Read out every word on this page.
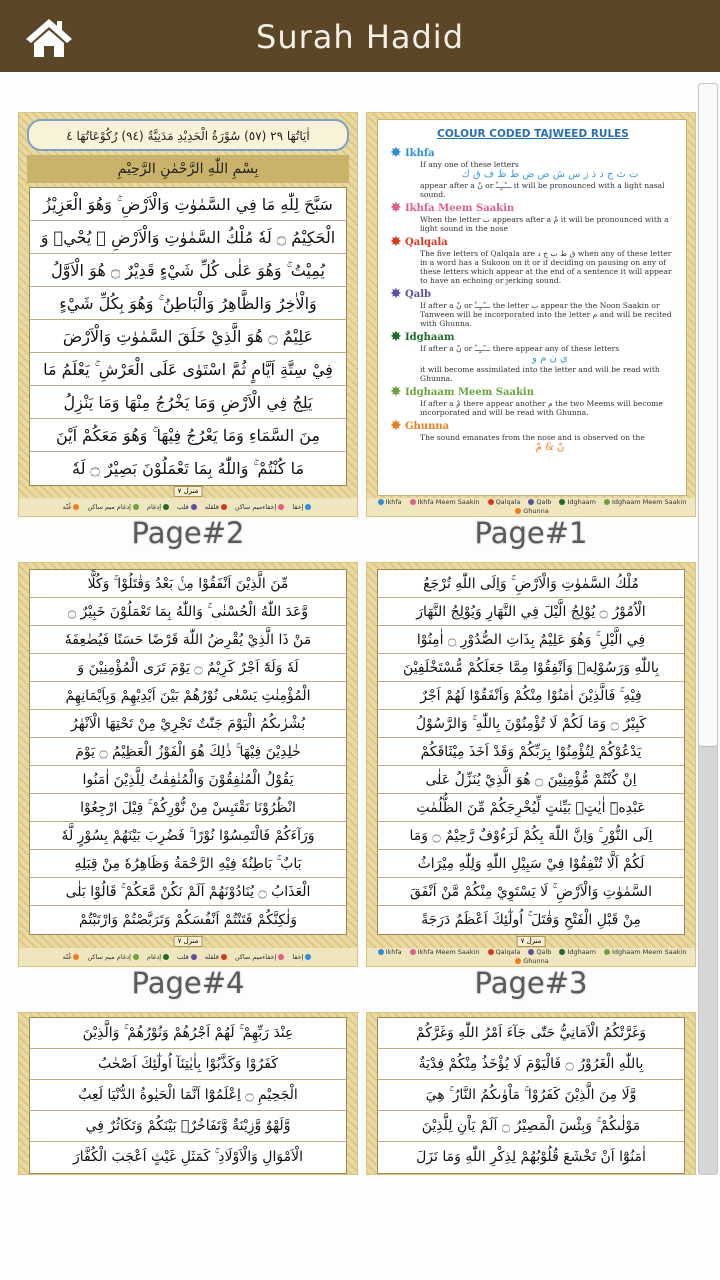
Surah Hadid
اٰيَاتُهَا ٢٩ (٥٧) سُوْرَةُ الْحَدِيْدِ مَدَنِيَّةٌ (٩٤) رُكُوْعَاتُهَا ٤
بِسْمِ اللّٰهِ الرَّحْمٰنِ الرَّحِيْمِ
سَبَّحَ لِلّٰهِ مَا فِي السَّمٰوٰتِ وَالْاَرْضِ ۚ وَهُوَ الْعَزِيْزُ
الْحَكِيْمُ ۝ لَهٗ مُلْكُ السَّمٰوٰتِ وَالْاَرْضِ ۚ يُحْيٖ وَ
يُمِيْتُ ۚ وَهُوَ عَلٰى كُلِّ شَيْءٍ قَدِيْرٌ ۝ هُوَ الْاَوَّلُ
وَالْاٰخِرُ وَالظَّاهِرُ وَالْبَاطِنُ ۚ وَهُوَ بِكُلِّ شَيْءٍ
عَلِيْمٌ ۝ هُوَ الَّذِيْ خَلَقَ السَّمٰوٰتِ وَالْاَرْضَ
فِيْ سِتَّةِ اَيَّامٍ ثُمَّ اسْتَوٰى عَلَى الْعَرْشِ ۚ يَعْلَمُ مَا
يَلِجُ فِي الْاَرْضِ وَمَا يَخْرُجُ مِنْهَا وَمَا يَنْزِلُ
مِنَ السَّمَاءِ وَمَا يَعْرُجُ فِيْهَا ۚ وَهُوَ مَعَكُمْ اَيْنَ
مَا كُنْتُمْ ۚ وَاللّٰهُ بِمَا تَعْمَلُوْنَ بَصِيْرٌ ۝ لَهٗ
منزل ٧
إخفا
إخفاءميم ساكن
قلقله
قلب
إدغام
إدغام ميم ساكن
غُنّه
Page#2
COLOUR CODED TAJWEED RULES
✸ Ikhfa
If any one of these letters
ت ث ج د ذ ز س ش ص ض ط ظ ف ق ك
appear after a نْ or ـــًــٍــٌ it will be pronounced with a light nasal sound.
✸ Ikhfa Meem Saakin
When the letter ب appears after a مْ it will be pronounced with a light sound in the nose
✸ Qalqala
The five letters of Qalqala are ق ط ب ج د when any of these letter in a word has a Sukoon on it or if deciding on pausing on any of these letters which appear at the end of a sentence it will appear to have an echoing or jerking sound.
✸ Qalb
If after a نْ or ـــًــٍــٌ the letter ب appear the the Noon Saakin or Tanween will be incorporated into the letter م and will be recited with Ghunna.
✸ Idghaam
If after a نْ or ـــًــٍــٌ there appear any of these letters
ي ن م و
it will become assimilated into the letter and will be read with Ghunna.
✸ Idghaam Meem Saakin
If after a مْ there appear another م the two Meems will become incorporated and will be read with Ghunna.
✸ Ghunna
The sound emanates from the nose and is observed on the
نّ & مّ
Ikhfa	Ikhfa Meem Saakin	Qalqala	Qalb	Idghaam	Idghaam Meem Saakin
Ghunna
Page#1
مِّنَ الَّذِيْنَ اَنْفَقُوْا مِنْۢ بَعْدُ وَقٰتَلُوْا ۚ وَكُلًّا
وَّعَدَ اللّٰهُ الْحُسْنٰى ۚ وَاللّٰهُ بِمَا تَعْمَلُوْنَ خَبِيْرٌ ۝
مَنْ ذَا الَّذِيْ يُقْرِضُ اللّٰهَ قَرْضًا حَسَنًا فَيُضٰعِفَهٗ
لَهٗ وَلَهٗٓ اَجْرٌ كَرِيْمٌ ۝ يَوْمَ تَرَى الْمُؤْمِنِيْنَ وَ
الْمُؤْمِنٰتِ يَسْعٰى نُوْرُهُمْ بَيْنَ اَيْدِيْهِمْ وَبِاَيْمَانِهِمْ
بُشْرٰىكُمُ الْيَوْمَ جَنّٰتٌ تَجْرِيْ مِنْ تَحْتِهَا الْاَنْهٰرُ
خٰلِدِيْنَ فِيْهَا ۚ ذٰلِكَ هُوَ الْفَوْزُ الْعَظِيْمُ ۝ يَوْمَ
يَقُوْلُ الْمُنٰفِقُوْنَ وَالْمُنٰفِقٰتُ لِلَّذِيْنَ اٰمَنُوا
انْظُرُوْنَا نَقْتَبِسْ مِنْ نُّوْرِكُمْ ۚ قِيْلَ ارْجِعُوْا
وَرَآءَكُمْ فَالْتَمِسُوْا نُوْرًا ۚ فَضُرِبَ بَيْنَهُمْ بِسُوْرٍ لَّهٗ
بَابٌ ۚ بَاطِنُهٗ فِيْهِ الرَّحْمَةُ وَظَاهِرُهٗ مِنْ قِبَلِهِ
الْعَذَابُ ۝ يُنَادُوْنَهُمْ اَلَمْ نَكُنْ مَّعَكُمْ ۚ قَالُوْا بَلٰى
وَلٰكِنَّكُمْ فَتَنْتُمْ اَنْفُسَكُمْ وَتَرَبَّصْتُمْ وَارْتَبْتُمْ
منزل ٧
إخفا
إخفاءميم ساكن
قلقله
قلب
إدغام
إدغام ميم ساكن
غُنّه
Page#4
مُلْكُ السَّمٰوٰتِ وَالْاَرْضِ ۚ وَاِلَى اللّٰهِ تُرْجَعُ
الْاُمُوْرُ ۝ يُوْلِجُ الَّيْلَ فِي النَّهَارِ وَيُوْلِجُ النَّهَارَ
فِي الَّيْلِ ۚ وَهُوَ عَلِيْمٌ بِذَاتِ الصُّدُوْرِ ۝ اٰمِنُوْا
بِاللّٰهِ وَرَسُوْلِهٖ وَاَنْفِقُوْا مِمَّا جَعَلَكُمْ مُّسْتَخْلَفِيْنَ
فِيْهِ ۚ فَالَّذِيْنَ اٰمَنُوْا مِنْكُمْ وَاَنْفَقُوْا لَهُمْ اَجْرٌ
كَبِيْرٌ ۝ وَمَا لَكُمْ لَا تُؤْمِنُوْنَ بِاللّٰهِ ۚ وَالرَّسُوْلُ
يَدْعُوْكُمْ لِتُؤْمِنُوْا بِرَبِّكُمْ وَقَدْ اَخَذَ مِيْثَاقَكُمْ
اِنْ كُنْتُمْ مُّؤْمِنِيْنَ ۝ هُوَ الَّذِيْ يُنَزِّلُ عَلٰى
عَبْدِهٖٓ اٰيٰتٍۢ بَيِّنٰتٍ لِّيُخْرِجَكُمْ مِّنَ الظُّلُمٰتِ
اِلَى النُّوْرِ ۚ وَاِنَّ اللّٰهَ بِكُمْ لَرَءُوْفٌ رَّحِيْمٌ ۝ وَمَا
لَكُمْ اَلَّا تُنْفِقُوْا فِيْ سَبِيْلِ اللّٰهِ وَلِلّٰهِ مِيْرَاثُ
السَّمٰوٰتِ وَالْاَرْضِ ۚ لَا يَسْتَوِيْ مِنْكُمْ مَّنْ اَنْفَقَ
مِنْ قَبْلِ الْفَتْحِ وَقٰتَلَ ۚ اُولٰٓئِكَ اَعْظَمُ دَرَجَةً
منزل ٧
Ikhfa	Ikhfa Meem Saakin	Qalqala	Qalb	Idghaam	Idghaam Meem Saakin
Ghunna
Page#3
عِنْدَ رَبِّهِمْ ۚ لَهُمْ اَجْرُهُمْ وَنُوْرُهُمْ ۚ وَالَّذِيْنَ
كَفَرُوْا وَكَذَّبُوْا بِاٰيٰتِنَآ اُولٰٓئِكَ اَصْحٰبُ
الْجَحِيْمِ ۝ اِعْلَمُوْٓا اَنَّمَا الْحَيٰوةُ الدُّنْيَا لَعِبٌ
وَّلَهْوٌ وَّزِيْنَةٌ وَّتَفَاخُرٌۢ بَيْنَكُمْ وَتَكَاثُرٌ فِي
الْاَمْوَالِ وَالْاَوْلَادِ ۚ كَمَثَلِ غَيْثٍ اَعْجَبَ الْكُفَّارَ
وَغَرَّتْكُمُ الْاَمَانِيُّ حَتّٰى جَآءَ اَمْرُ اللّٰهِ وَغَرَّكُمْ
بِاللّٰهِ الْغَرُوْرُ ۝ فَالْيَوْمَ لَا يُؤْخَذُ مِنْكُمْ فِدْيَةٌ
وَّلَا مِنَ الَّذِيْنَ كَفَرُوْا ۚ مَاْوٰىكُمُ النَّارُ ۚ هِيَ
مَوْلٰىكُمْ ۚ وَبِئْسَ الْمَصِيْرُ ۝ اَلَمْ يَاْنِ لِلَّذِيْنَ
اٰمَنُوْٓا اَنْ تَخْشَعَ قُلُوْبُهُمْ لِذِكْرِ اللّٰهِ وَمَا نَزَلَ
